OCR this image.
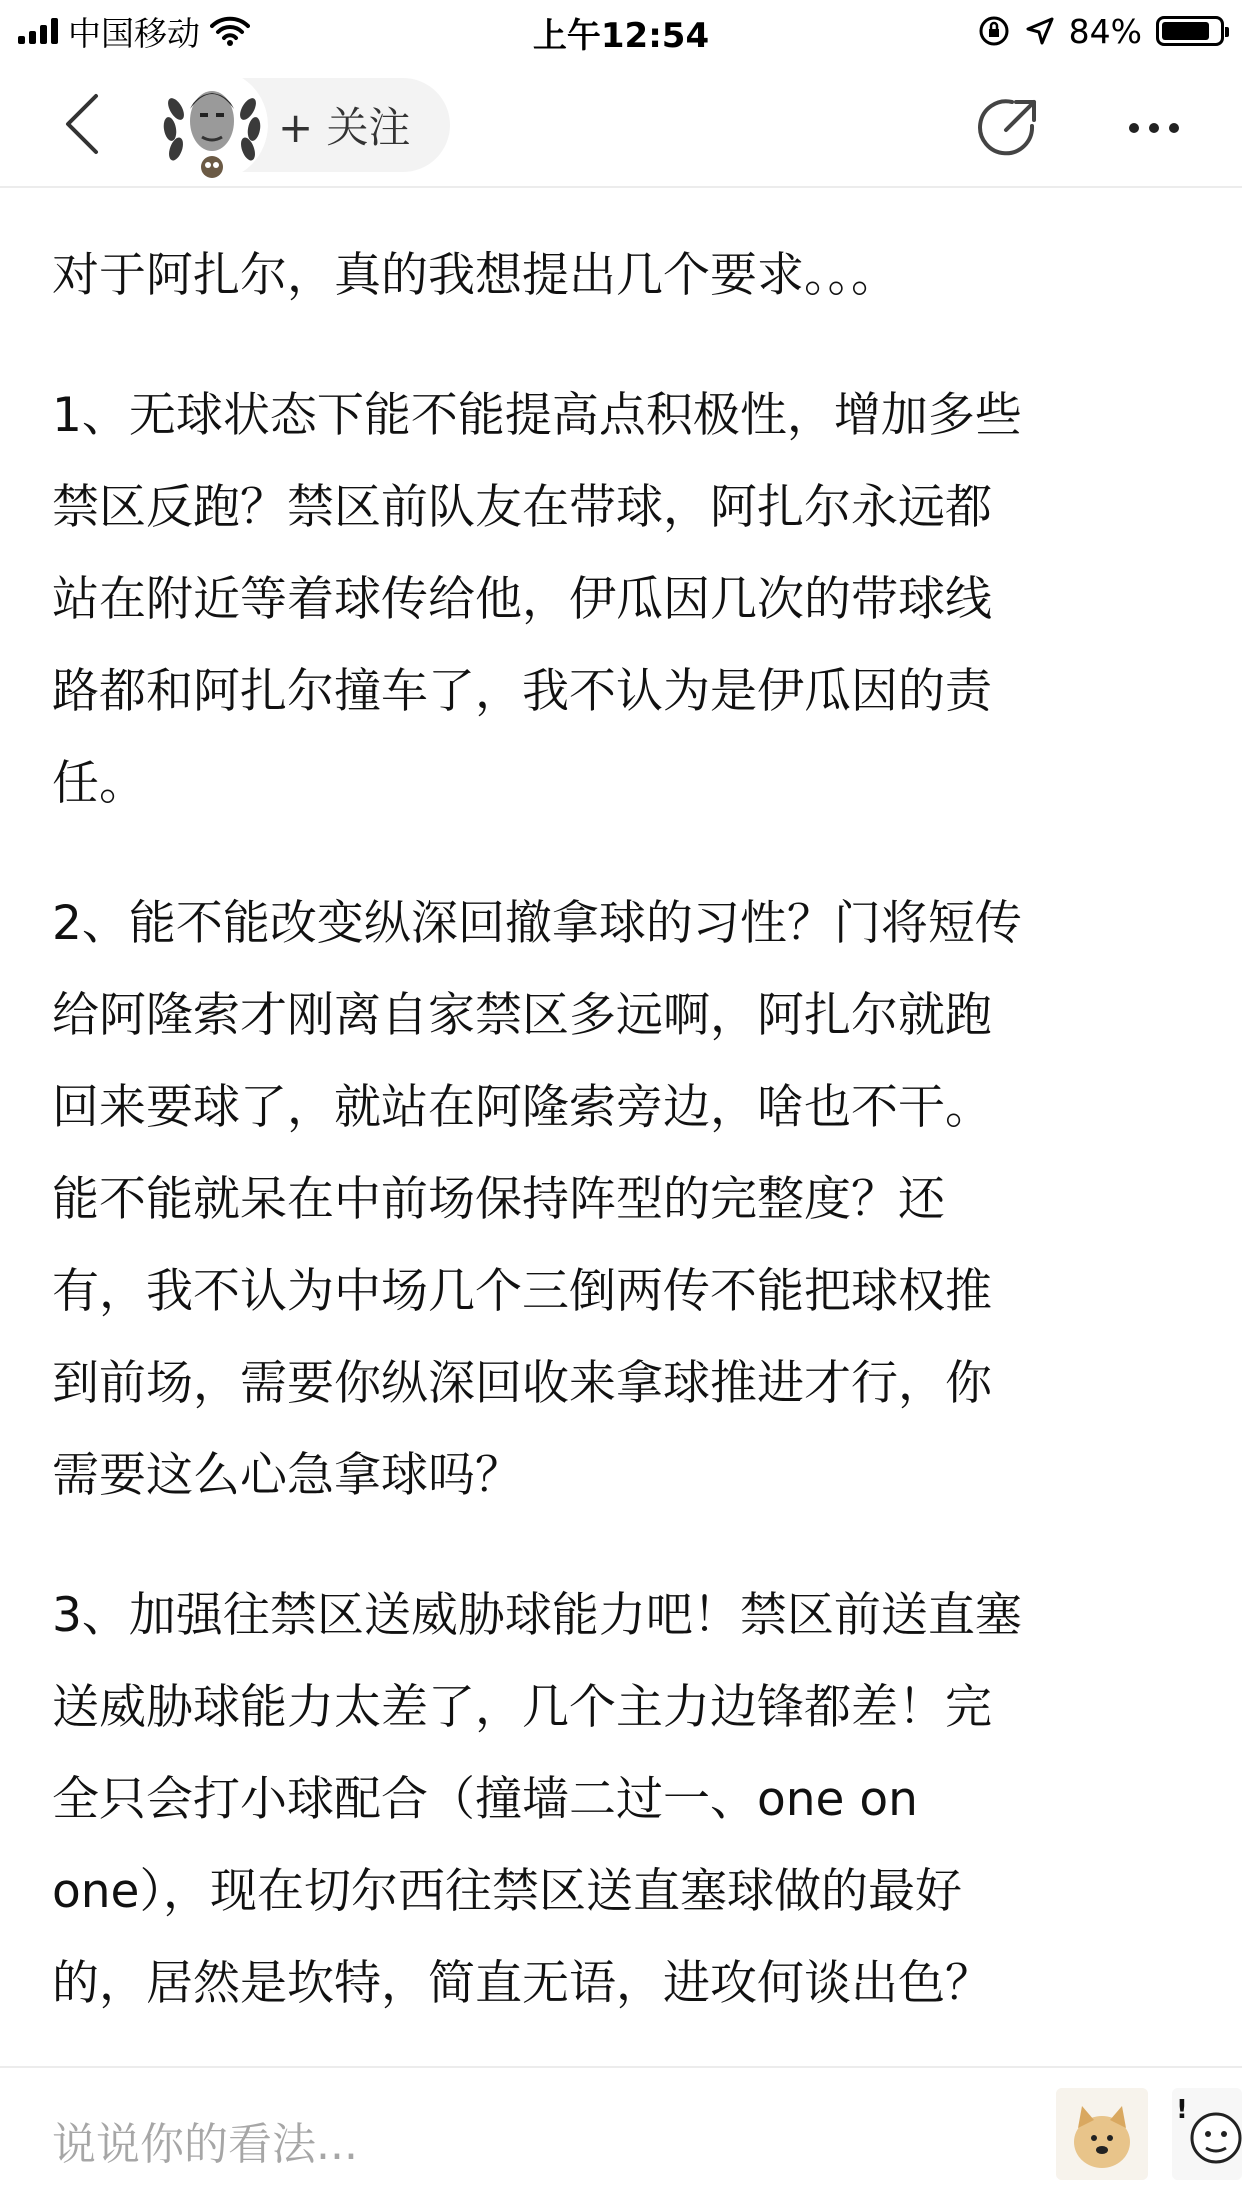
中国移动	上午12:54	84%
+ 关注

对于阿扎尔，真的我想提出几个要求。。。

1、无球状态下能不能提高点积极性，增加多些
禁区反跑？禁区前队友在带球，阿扎尔永远都
站在附近等着球传给他，伊瓜因几次的带球线
路都和阿扎尔撞车了，我不认为是伊瓜因的责
任。

2、能不能改变纵深回撤拿球的习性？门将短传
给阿隆索才刚离自家禁区多远啊，阿扎尔就跑
回来要球了，就站在阿隆索旁边，啥也不干。
能不能就呆在中前场保持阵型的完整度？还
有，我不认为中场几个三倒两传不能把球权推
到前场，需要你纵深回收来拿球推进才行，你
需要这么心急拿球吗？

3、加强往禁区送威胁球能力吧！禁区前送直塞
送威胁球能力太差了，几个主力边锋都差！完
全只会打小球配合（撞墙二过一、one on
one），现在切尔西往禁区送直塞球做的最好
的，居然是坎特，简直无语，进攻何谈出色？

说说你的看法...
!
